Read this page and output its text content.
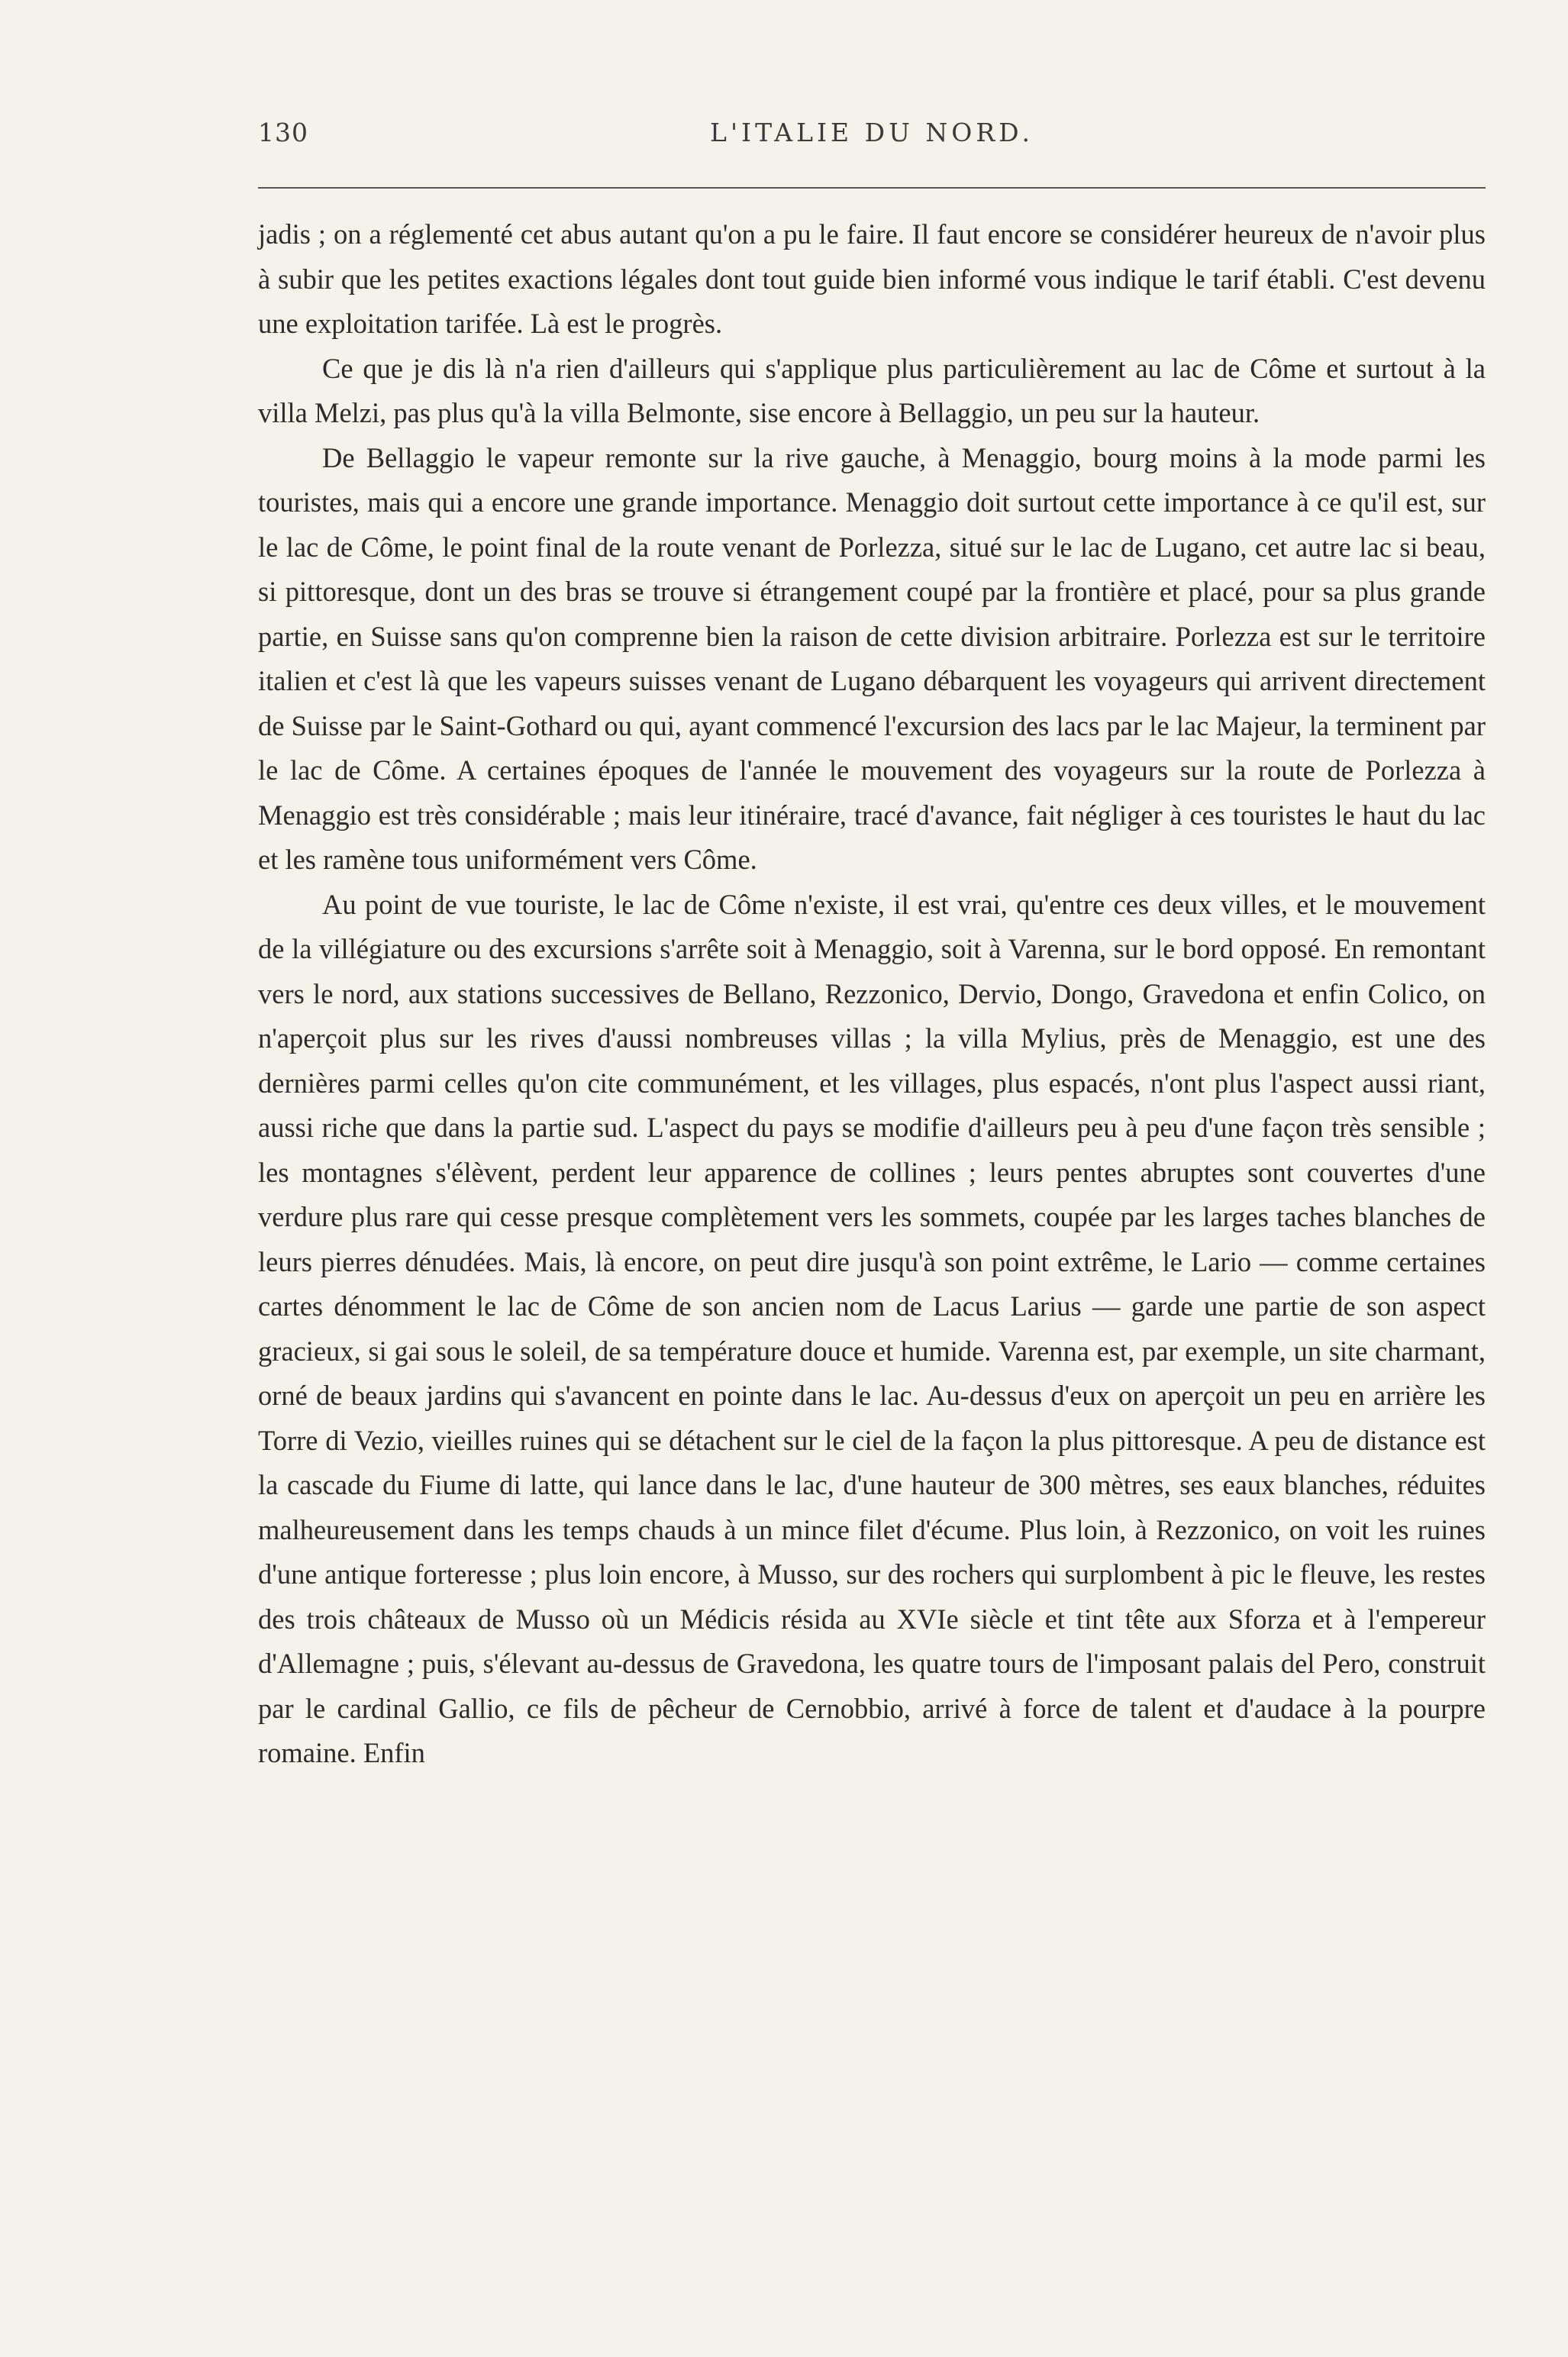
130	L'ITALIE DU NORD.

jadis ; on a réglementé cet abus autant qu'on a pu le faire. Il faut encore se considérer heureux de n'avoir plus à subir que les petites exactions légales dont tout guide bien informé vous indique le tarif établi. C'est devenu une exploitation tarifée. Là est le progrès.

Ce que je dis là n'a rien d'ailleurs qui s'applique plus particulièrement au lac de Côme et surtout à la villa Melzi, pas plus qu'à la villa Belmonte, sise encore à Bellaggio, un peu sur la hauteur.

De Bellaggio le vapeur remonte sur la rive gauche, à Menaggio, bourg moins à la mode parmi les touristes, mais qui a encore une grande importance. Menaggio doit surtout cette importance à ce qu'il est, sur le lac de Côme, le point final de la route venant de Porlezza, situé sur le lac de Lugano, cet autre lac si beau, si pittoresque, dont un des bras se trouve si étrangement coupé par la frontière et placé, pour sa plus grande partie, en Suisse sans qu'on comprenne bien la raison de cette division arbitraire. Porlezza est sur le territoire italien et c'est là que les vapeurs suisses venant de Lugano débarquent les voyageurs qui arrivent directement de Suisse par le Saint-Gothard ou qui, ayant commencé l'excursion des lacs par le lac Majeur, la terminent par le lac de Côme. A certaines époques de l'année le mouvement des voyageurs sur la route de Porlezza à Menaggio est très considérable ; mais leur itinéraire, tracé d'avance, fait négliger à ces touristes le haut du lac et les ramène tous uniformément vers Côme.

Au point de vue touriste, le lac de Côme n'existe, il est vrai, qu'entre ces deux villes, et le mouvement de la villégiature ou des excursions s'arrête soit à Menaggio, soit à Varenna, sur le bord opposé. En remontant vers le nord, aux stations successives de Bellano, Rezzonico, Dervio, Dongo, Gravedona et enfin Colico, on n'aperçoit plus sur les rives d'aussi nombreuses villas ; la villa Mylius, près de Menaggio, est une des dernières parmi celles qu'on cite communément, et les villages, plus espacés, n'ont plus l'aspect aussi riant, aussi riche que dans la partie sud. L'aspect du pays se modifie d'ailleurs peu à peu d'une façon très sensible ; les montagnes s'élèvent, perdent leur apparence de collines ; leurs pentes abruptes sont couvertes d'une verdure plus rare qui cesse presque complètement vers les sommets, coupée par les larges taches blanches de leurs pierres dénudées. Mais, là encore, on peut dire jusqu'à son point extrême, le Lario — comme certaines cartes dénomment le lac de Côme de son ancien nom de Lacus Larius — garde une partie de son aspect gracieux, si gai sous le soleil, de sa température douce et humide. Varenna est, par exemple, un site charmant, orné de beaux jardins qui s'avancent en pointe dans le lac. Au-dessus d'eux on aperçoit un peu en arrière les Torre di Vezio, vieilles ruines qui se détachent sur le ciel de la façon la plus pittoresque. A peu de distance est la cascade du Fiume di latte, qui lance dans le lac, d'une hauteur de 300 mètres, ses eaux blanches, réduites malheureusement dans les temps chauds à un mince filet d'écume. Plus loin, à Rezzonico, on voit les ruines d'une antique forteresse ; plus loin encore, à Musso, sur des rochers qui surplombent à pic le fleuve, les restes des trois châteaux de Musso où un Médicis résida au XVIe siècle et tint tête aux Sforza et à l'empereur d'Allemagne ; puis, s'élevant au-dessus de Gravedona, les quatre tours de l'imposant palais del Pero, construit par le cardinal Gallio, ce fils de pêcheur de Cernobbio, arrivé à force de talent et d'audace à la pourpre romaine. Enfin
